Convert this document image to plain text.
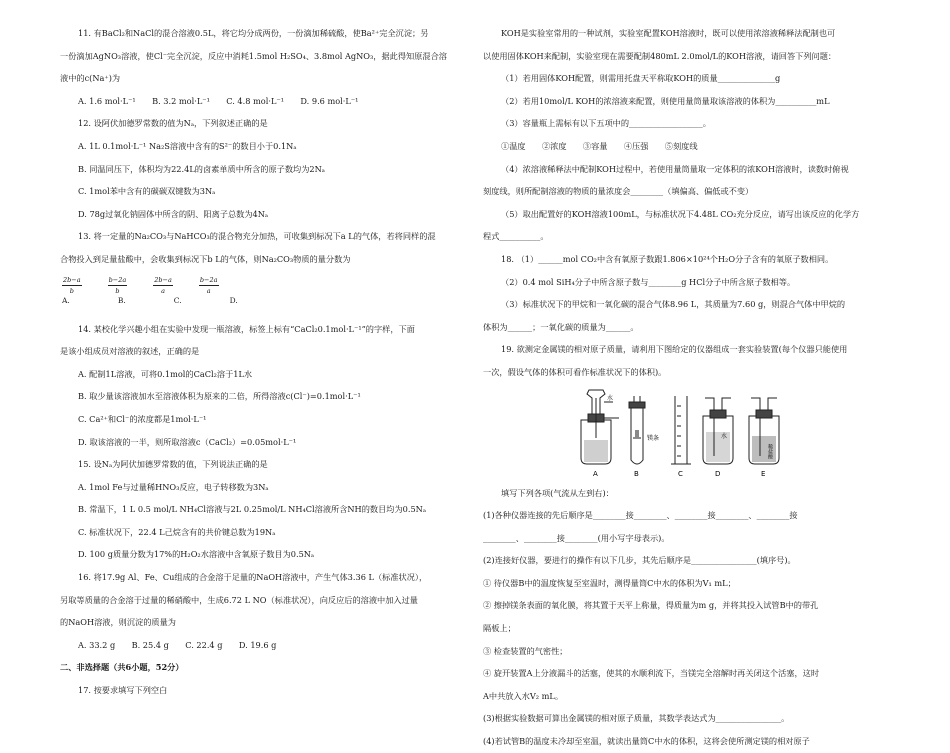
11. 有BaCl₂和NaCl的混合溶液0.5L，将它均分成两份，一份滴加稀硫酸，使Ba²⁺完全沉淀；另
一份滴加AgNO₃溶液，使Cl⁻完全沉淀，反应中消耗1.5mol H₂SO₄、3.8mol AgNO₃，据此得知原混合溶
液中的c(Na⁺)为
A. 1.6 mol·L⁻¹　　B. 3.2 mol·L⁻¹　　C. 4.8 mol·L⁻¹　　D. 9.6 mol·L⁻¹
12. 设阿伏加德罗常数的值为Nₐ，下列叙述正确的是
A. 1L 0.1mol·L⁻¹ Na₂S溶液中含有的S²⁻的数目小于0.1Nₐ
B. 同温同压下，体积均为22.4L的卤素单质中所含的原子数均为2Nₐ
C. 1mol苯中含有的碳碳双键数为3Nₐ
D. 78g过氧化钠固体中所含的阴、阳离子总数为4Nₐ
13. 将一定量的Na₂CO₃与NaHCO₃的混合物充分加热，可收集到标况下a L的气体，若将同样的混
合物投入到足量盐酸中，会收集到标况下b L的气体，则Na₂CO₃物质的量分数为
2b−a
b
b−2a
b
2b−a
a
b−2a
a
A.	B.	C.	D.
14. 某校化学兴趣小组在实验中发现一瓶溶液，标签上标有“CaCl₂0.1mol·L⁻¹”的字样，下面
是该小组成员对溶液的叙述，正确的是
A. 配制1L溶液，可将0.1mol的CaCl₂溶于1L水
B. 取少量该溶液加水至溶液体积为原来的二倍，所得溶液c(Cl⁻)=0.1mol·L⁻¹
C. Ca²⁺和Cl⁻的浓度都是1mol·L⁻¹
D. 取该溶液的一半，则所取溶液c（CaCl₂）=0.05mol·L⁻¹
15. 设Nₐ为阿伏加德罗常数的值，下列说法正确的是
A. 1mol Fe与过量稀HNO₃反应，电子转移数为3Nₐ
B. 常温下，1 L 0.5 mol/L NH₄Cl溶液与2L 0.25mol/L NH₄Cl溶液所含NH的数目均为0.5Nₐ
C. 标准状况下，22.4 L己烷含有的共价键总数为19Nₐ
D. 100 g质量分数为17%的H₂O₂水溶液中含氧原子数目为0.5Nₐ
16. 将17.9g Al、Fe、Cu组成的合金溶于足量的NaOH溶液中，产生气体3.36 L（标准状况），
另取等质量的合金溶于过量的稀硝酸中，生成6.72 L NO（标准状况），向反应后的溶液中加入过量
的NaOH溶液，则沉淀的质量为
A. 33.2 g　　B. 25.4 g　　C. 22.4 g　　D. 19.6 g
二、非选择题（共6小题，52分）
17. 按要求填写下列空白
KOH是实验室常用的一种试剂，实验室配置KOH溶液时，既可以使用浓溶液稀释法配制也可
以使用固体KOH来配制，实验室现在需要配制480mL 2.0mol/L的KOH溶液，请回答下列问题：
（1）若用固体KOH配置，则需用托盘天平称取KOH的质量______________g
（2）若用10mol/L KOH的浓溶液来配置，则使用量筒量取该溶液的体积为__________mL
（3）容量瓶上需标有以下五项中的__________________。
①温度　　②浓度　　③容量　　④压强　　⑤刻度线
（4）浓溶液稀释法中配制KOH过程中，若使用量筒量取一定体积的浓KOH溶液时，读数时俯视
刻度线，则所配制溶液的物质的量浓度会________（填偏高、偏低或不变）
（5）取出配置好的KOH溶液100mL，与标准状况下4.48L CO₂充分反应，请写出该反应的化学方
程式__________。
18. （1）______mol CO₂中含有氧原子数跟1.806×10²⁴个H₂O分子含有的氧原子数相同。
（2）0.4 mol SiH₄分子中所含原子数与________g HCl分子中所含原子数相等。
（3）标准状况下的甲烷和一氧化碳的混合气体8.96 L，其质量为7.60 g，则混合气体中甲烷的
体积为______；一氧化碳的质量为______。
19. 欲测定金属镁的相对原子质量，请利用下图给定的仪器组成一套实验装置(每个仪器只能使用
一次，假设气体的体积可看作标准状况下的体积)。
水
A
镁条
B	C
水
D
稀盐酸
E
填写下列各项(气流从左到右)：
(1)各种仪器连接的先后顺序是________接________、________接________、________接
________、________接________(用小写字母表示)。
(2)连接好仪器，要进行的操作有以下几步，其先后顺序是________________(填序号)。
① 待仪器B中的温度恢复至室温时，测得量筒C中水的体积为V₁ mL；
② 擦掉镁条表面的氧化膜，将其置于天平上称量，得质量为m g，并将其投入试管B中的带孔
隔板上；
③ 检查装置的气密性；
④ 旋开装置A上分液漏斗的活塞，使其的水顺利流下，当镁完全溶解时再关闭这个活塞，这时
A中共放入水V₂ mL。
(3)根据实验数据可算出金属镁的相对原子质量，其数学表达式为________________。
(4)若试管B的温度未冷却至室温，就读出量筒C中水的体积，这将会使所测定镁的相对原子
